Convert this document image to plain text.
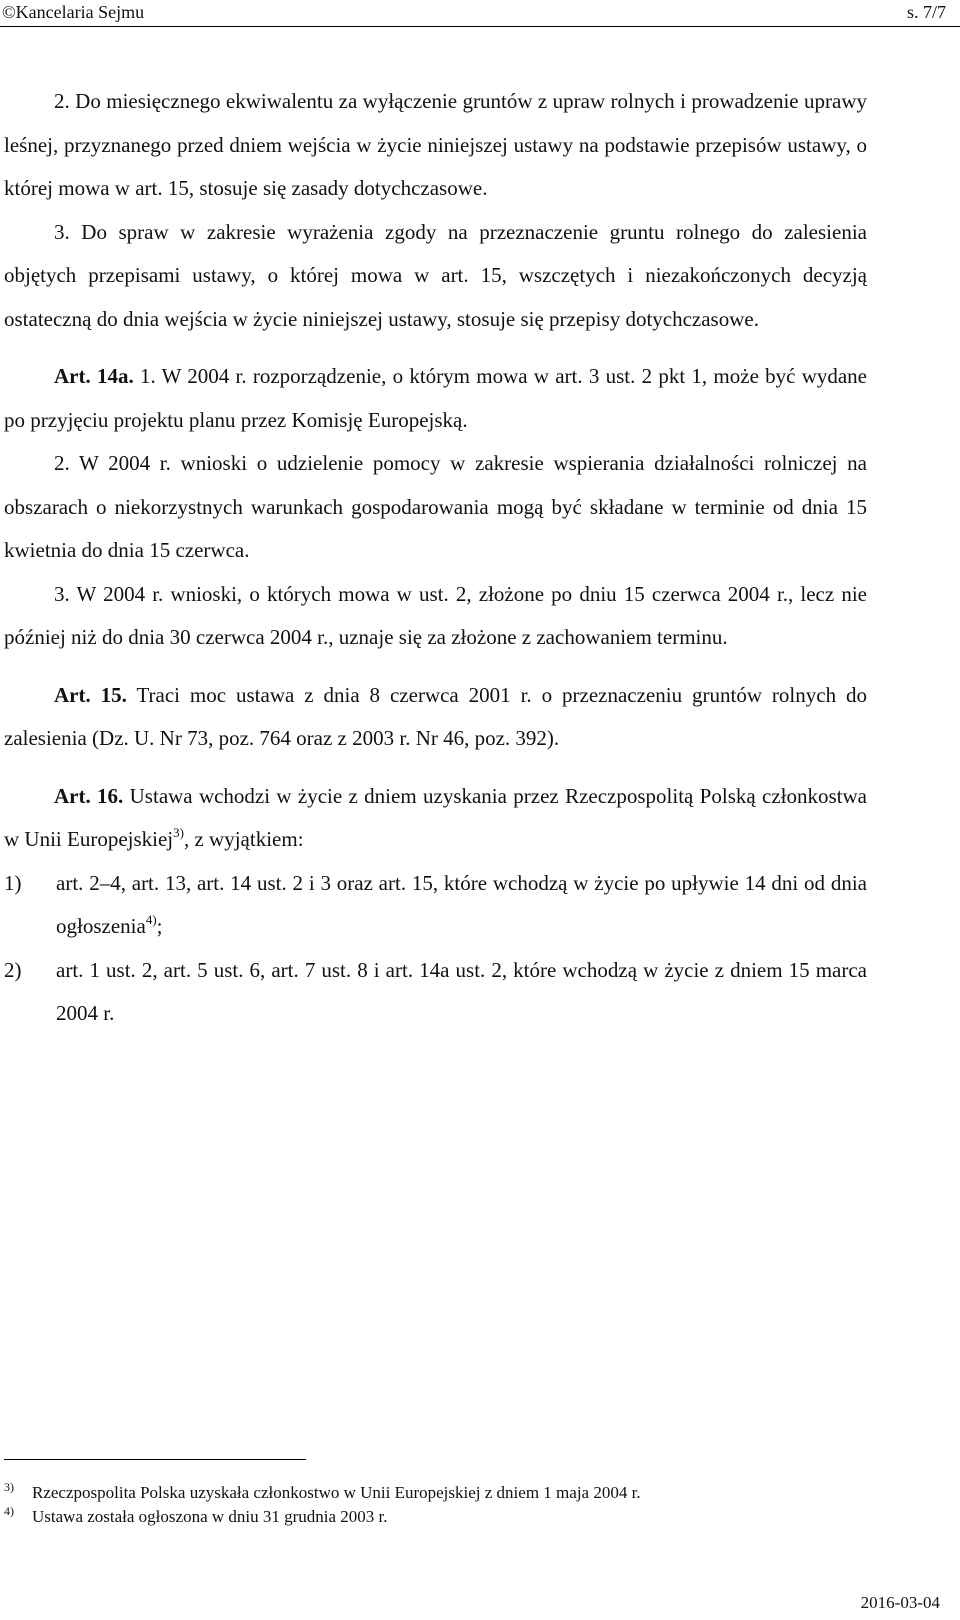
©Kancelaria Sejmu	s. 7/7

2. Do miesięcznego ekwiwalentu za wyłączenie gruntów z upraw rolnych i prowadzenie uprawy leśnej, przyznanego przed dniem wejścia w życie niniejszej ustawy na podstawie przepisów ustawy, o której mowa w art. 15, stosuje się zasady dotychczasowe.

3. Do spraw w zakresie wyrażenia zgody na przeznaczenie gruntu rolnego do zalesienia objętych przepisami ustawy, o której mowa w art. 15, wszczętych i niezakończonych decyzją ostateczną do dnia wejścia w życie niniejszej ustawy, stosuje się przepisy dotychczasowe.

Art. 14a. 1. W 2004 r. rozporządzenie, o którym mowa w art. 3 ust. 2 pkt 1, może być wydane po przyjęciu projektu planu przez Komisję Europejską.

2. W 2004 r. wnioski o udzielenie pomocy w zakresie wspierania działalności rolniczej na obszarach o niekorzystnych warunkach gospodarowania mogą być składane w terminie od dnia 15 kwietnia do dnia 15 czerwca.

3. W 2004 r. wnioski, o których mowa w ust. 2, złożone po dniu 15 czerwca 2004 r., lecz nie później niż do dnia 30 czerwca 2004 r., uznaje się za złożone z zachowaniem terminu.

Art. 15. Traci moc ustawa z dnia 8 czerwca 2001 r. o przeznaczeniu gruntów rolnych do zalesienia (Dz. U. Nr 73, poz. 764 oraz z 2003 r. Nr 46, poz. 392).

Art. 16. Ustawa wchodzi w życie z dniem uzyskania przez Rzeczpospolitą Polską członkostwa w Unii Europejskiej$^{3)}$, z wyjątkiem:

1) art. 2–4, art. 13, art. 14 ust. 2 i 3 oraz art. 15, które wchodzą w życie po upływie 14 dni od dnia ogłoszenia$^{4)}$;
2) art. 1 ust. 2, art. 5 ust. 6, art. 7 ust. 8 i art. 14a ust. 2, które wchodzą w życie z dniem 15 marca 2004 r.
3) Rzeczpospolita Polska uzyskała członkostwo w Unii Europejskiej z dniem 1 maja 2004 r.
4) Ustawa została ogłoszona w dniu 31 grudnia 2003 r.
2016-03-04
